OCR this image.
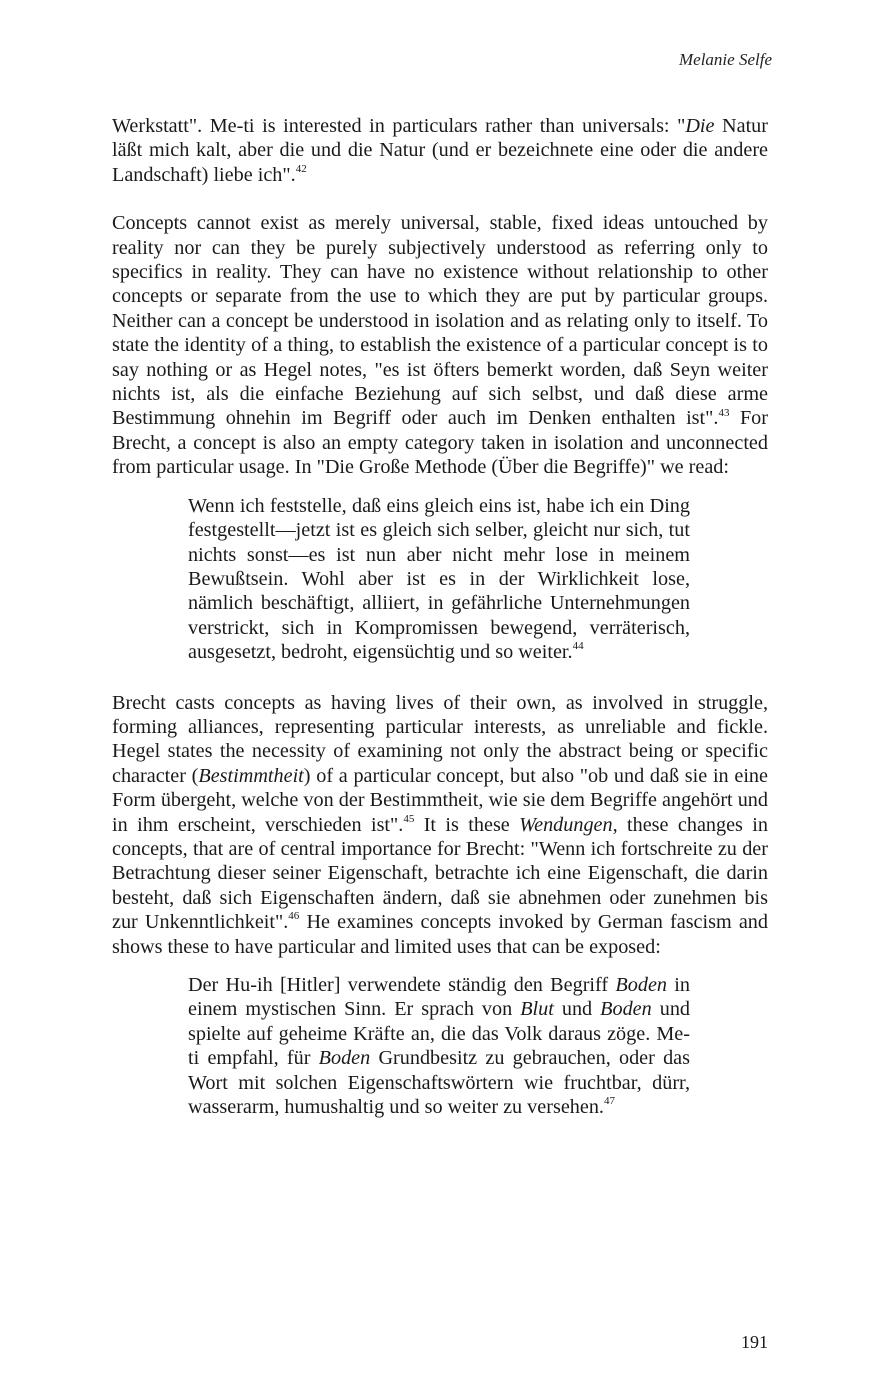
Melanie Selfe

Werkstatt". Me-ti is interested in particulars rather than universals: "Die Natur läßt mich kalt, aber die und die Natur (und er bezeichnete eine oder die andere Landschaft) liebe ich".$^{42}$

Concepts cannot exist as merely universal, stable, fixed ideas untouched by reality nor can they be purely subjectively understood as referring only to specifics in reality. They can have no existence without relationship to other concepts or separate from the use to which they are put by particular groups. Neither can a concept be understood in isolation and as relating only to itself. To state the identity of a thing, to establish the existence of a particular concept is to say nothing or as Hegel notes, "es ist öfters bemerkt worden, daß Seyn weiter nichts ist, als die einfache Beziehung auf sich selbst, und daß diese arme Bestimmung ohnehin im Begriff oder auch im Denken enthalten ist".$^{43}$ For Brecht, a concept is also an empty category taken in isolation and unconnected from particular usage. In "Die Große Methode (Über die Begriffe)" we read:

Wenn ich feststelle, daß eins gleich eins ist, habe ich ein Ding festgestellt—jetzt ist es gleich sich selber, gleicht nur sich, tut nichts sonst—es ist nun aber nicht mehr lose in meinem Bewußtsein. Wohl aber ist es in der Wirklichkeit lose, nämlich beschäftigt, alliiert, in gefährliche Unternehmungen verstrickt, sich in Kompromissen bewegend, verräterisch, ausgesetzt, bedroht, eigensüchtig und so weiter.$^{44}$

Brecht casts concepts as having lives of their own, as involved in struggle, forming alliances, representing particular interests, as unreliable and fickle. Hegel states the necessity of examining not only the abstract being or specific character (Bestimmtheit) of a particular concept, but also "ob und daß sie in eine Form übergeht, welche von der Bestimmtheit, wie sie dem Begriffe angehört und in ihm erscheint, verschieden ist".$^{45}$ It is these Wendungen, these changes in concepts, that are of central importance for Brecht: "Wenn ich fortschreite zu der Betrachtung dieser seiner Eigenschaft, betrachte ich eine Eigenschaft, die darin besteht, daß sich Eigenschaften ändern, daß sie abnehmen oder zunehmen bis zur Unkenntlichkeit".$^{46}$ He examines concepts invoked by German fascism and shows these to have particular and limited uses that can be exposed:

Der Hu-ih [Hitler] verwendete ständig den Begriff Boden in einem mystischen Sinn. Er sprach von Blut und Boden und spielte auf geheime Kräfte an, die das Volk daraus zöge. Me-ti empfahl, für Boden Grundbesitz zu gebrauchen, oder das Wort mit solchen Eigenschaftswörtern wie fruchtbar, dürr, wasserarm, humushaltig und so weiter zu versehen.$^{47}$

191
